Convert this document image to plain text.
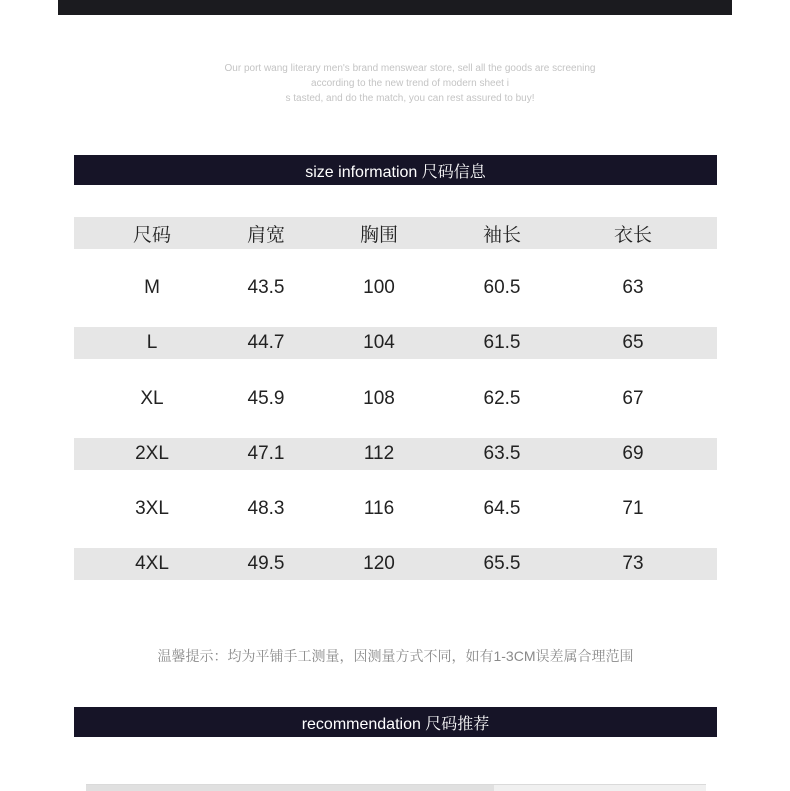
Our port wang literary men's brand menswear store, sell all the goods are screening
according to the new trend of modern sheet i
s tasted, and do the match, you can rest assured to buy!
size information 尺码信息
尺码	肩宽	胸围	袖长	衣长
M	43.5	100	60.5	63
L	44.7	104	61.5	65
XL	45.9	108	62.5	67
2XL	47.1	112	63.5	69
3XL	48.3	116	64.5	71
4XL	49.5	120	65.5	73
温馨提示：均为平铺手工测量，因测量方式不同，如有1-3CM误差属合理范围
recommendation 尺码推荐
